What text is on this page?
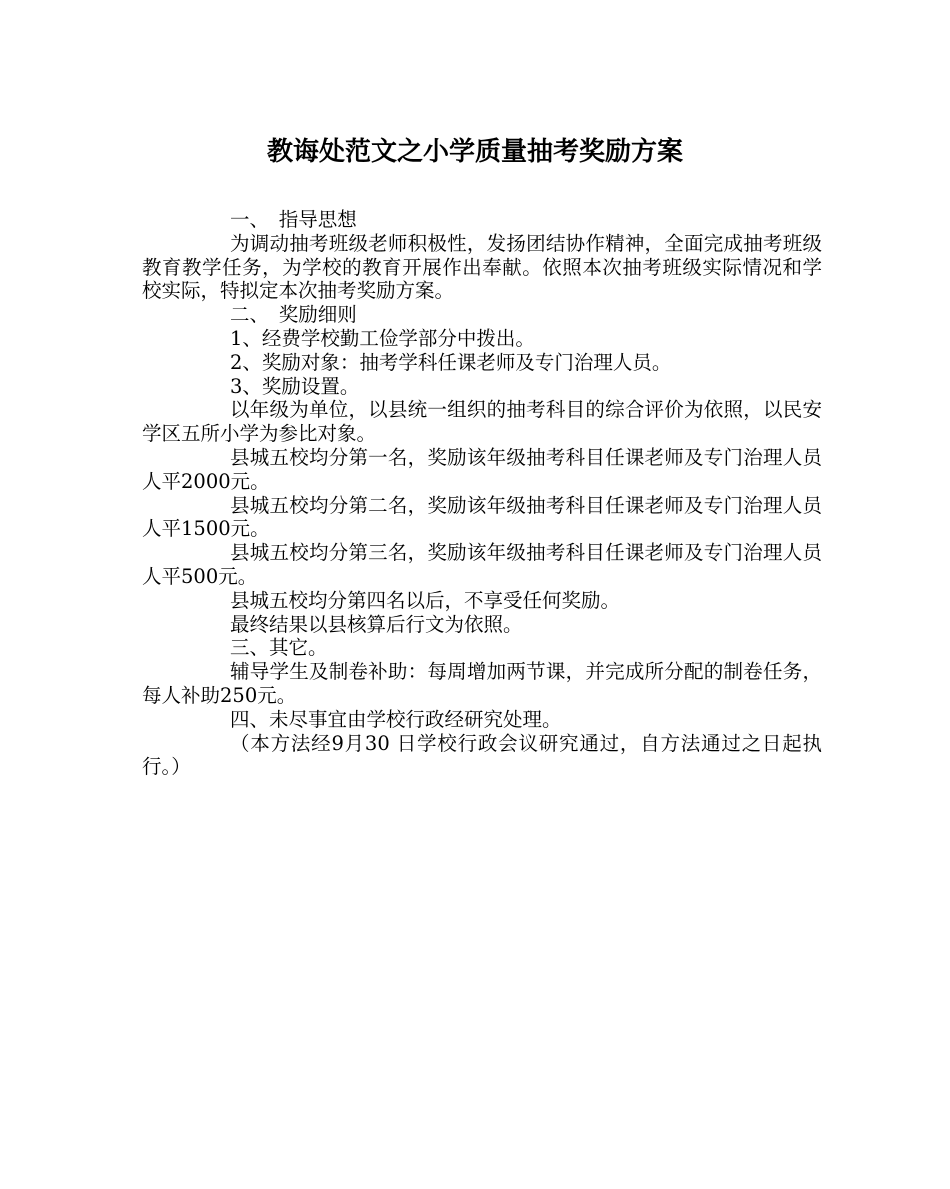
教诲处范文之小学质量抽考奖励方案

一、　指导思想

为调动抽考班级老师积极性，发扬团结协作精神，全面完成抽考班级教育教学任务，为学校的教育开展作出奉献。依照本次抽考班级实际情况和学校实际，特拟定本次抽考奖励方案。

二、　奖励细则

1、经费学校勤工俭学部分中拨出。

2、奖励对象：抽考学科任课老师及专门治理人员。

3、奖励设置。

以年级为单位，以县统一组织的抽考科目的综合评价为依照，以民安学区五所小学为参比对象。

县城五校均分第一名，奖励该年级抽考科目任课老师及专门治理人员人平2000元。

县城五校均分第二名，奖励该年级抽考科目任课老师及专门治理人员人平1500元。

县城五校均分第三名，奖励该年级抽考科目任课老师及专门治理人员人平500元。

县城五校均分第四名以后，不享受任何奖励。

最终结果以县核算后行文为依照。

三、其它。

辅导学生及制卷补助：每周增加两节课，并完成所分配的制卷任务，每人补助250元。

四、未尽事宜由学校行政经研究处理。

（本方法经9月30 日学校行政会议研究通过，自方法通过之日起执行。）
